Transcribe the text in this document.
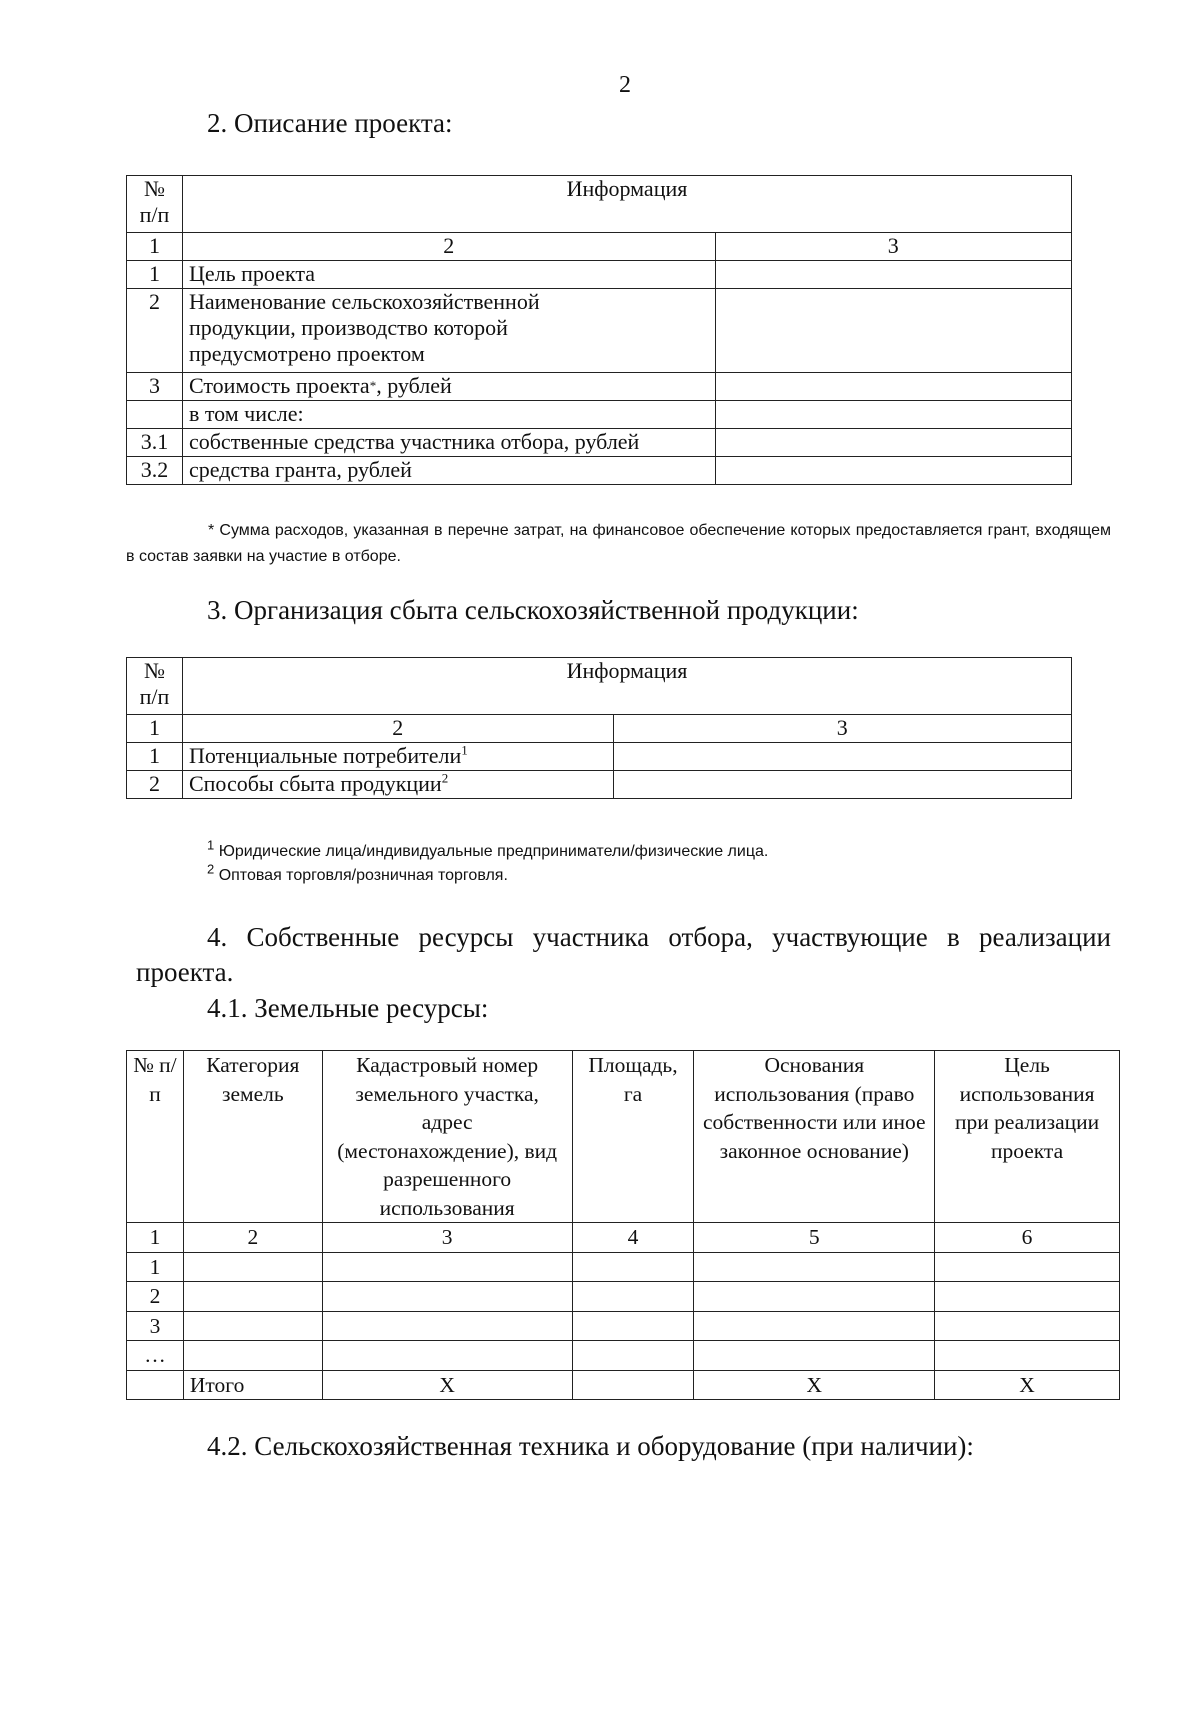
2
2. Описание проекта:
№ п/п	Информация	
1	2	3
1	Цель проекта	
2	Наименование сельскохозяйственной продукции, производство которой предусмотрено проектом	
3	Стоимость проекта*, рублей	
	в том числе:	
3.1	собственные средства участника отбора, рублей	
3.2	средства гранта, рублей	
* Сумма расходов, указанная в перечне затрат, на финансовое обеспечение которых предоставляется грант, входящем в состав заявки на участие в отборе.
3. Организация сбыта сельскохозяйственной продукции:
№ п/п	Информация	
1	2	3
1	Потенциальные потребители$^1$	
2	Способы сбыта продукции$^2$	
$^1$ Юридические лица/индивидуальные предприниматели/физические лица.
$^2$ Оптовая торговля/розничная торговля.
4. Собственные ресурсы участника отбора, участвующие в реализации
проекта.
4.1. Земельные ресурсы:
№ п/п	Категория земель	Кадастровый номер земельного участка, адрес (местонахождение), вид разрешенного использования	Площадь, га	Основания использования (право собственности или иное законное основание)	Цель использования при реализации проекта
1	2	3	4	5	6
1					
2					
3					
…					
	Итого	Х		Х	Х
4.2. Сельскохозяйственная техника и оборудование (при наличии):
